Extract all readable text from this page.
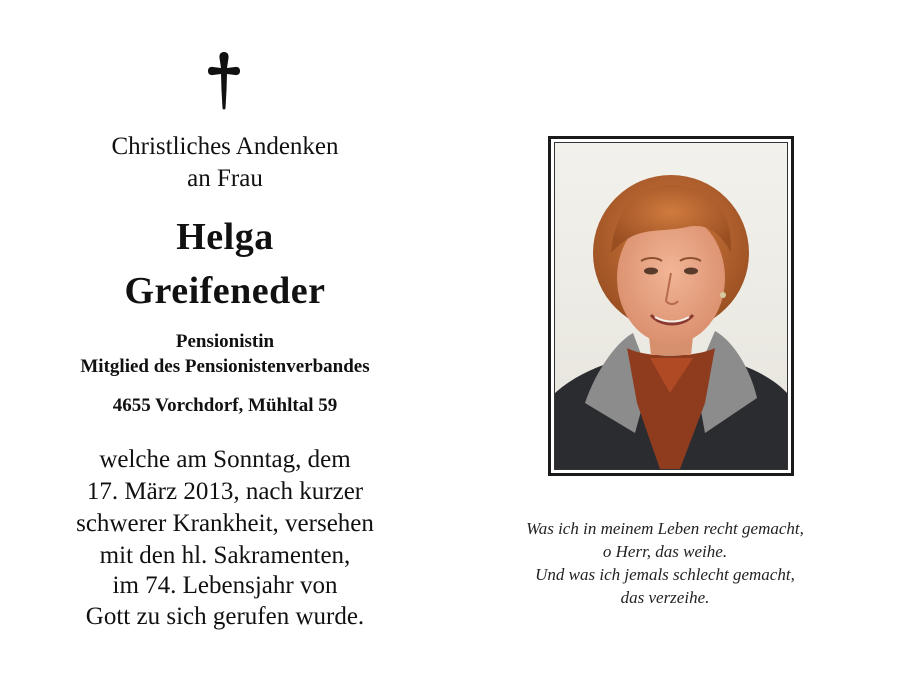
Christliches Andenken
an Frau
Helga
Greifeneder
Pensionistin
Mitglied des Pensionistenverbandes
4655 Vorchdorf, Mühltal 59
welche am Sonntag, dem
17. März 2013, nach kurzer
schwerer Krankheit, versehen
mit den hl. Sakramenten,
im 74. Lebensjahr von
Gott zu sich gerufen wurde.
Was ich in meinem Leben recht gemacht,
o Herr, das weihe.
Und was ich jemals schlecht gemacht,
das verzeihe.
